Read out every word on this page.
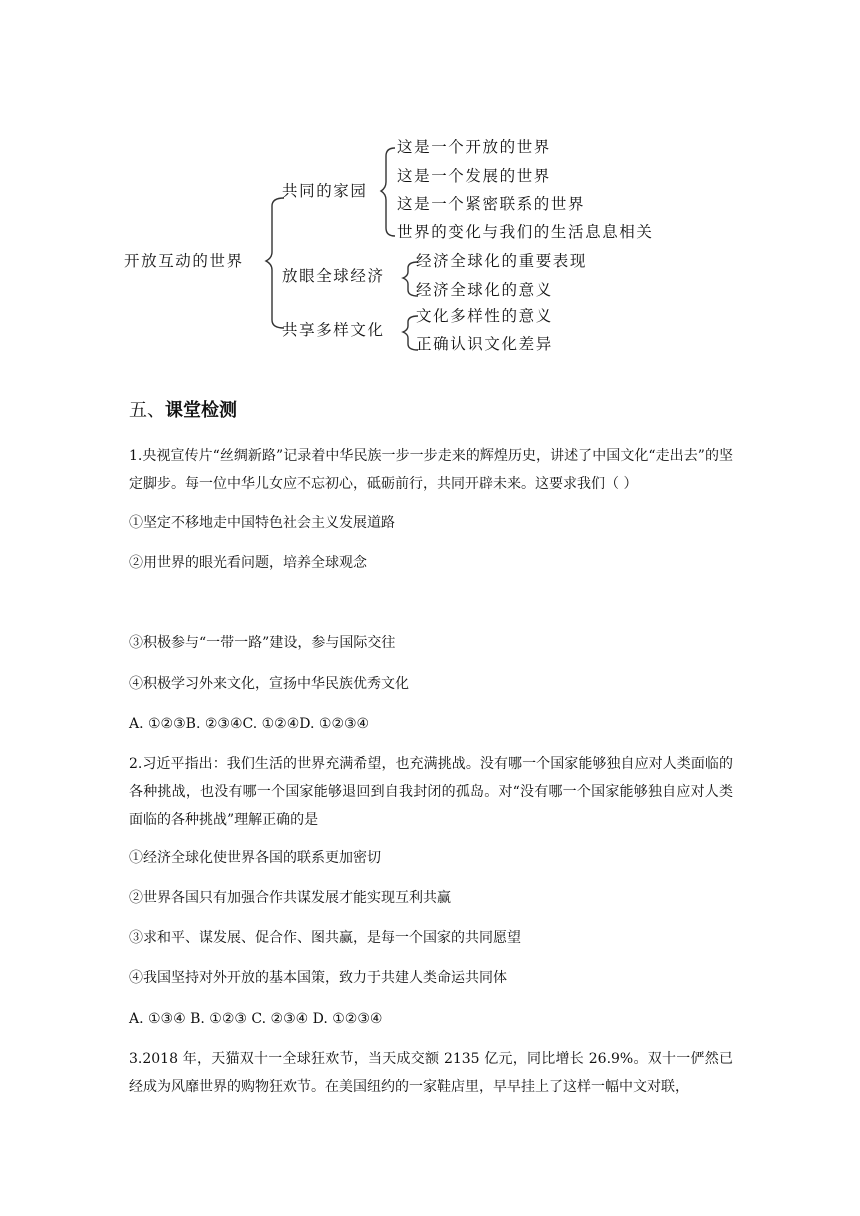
开放互动的世界
共同的家园
这是一个开放的世界
这是一个发展的世界
这是一个紧密联系的世界
世界的变化与我们的生活息息相关
放眼全球经济
经济全球化的重要表现
经济全球化的意义
共享多样文化
文化多样性的意义
正确认识文化差异
五、课堂检测
1.央视宣传片“丝绸新路”记录着中华民族一步一步走来的辉煌历史，讲述了中国文化“走出去”的坚定脚步。每一位中华儿女应不忘初心，砥砺前行，共同开辟未来。这要求我们（ ）
①坚定不移地走中国特色社会主义发展道路
②用世界的眼光看问题，培养全球观念
③积极参与“一带一路”建设，参与国际交往
④积极学习外来文化，宣扬中华民族优秀文化
A. ①②③B. ②③④C. ①②④D. ①②③④
2.习近平指出：我们生活的世界充满希望，也充满挑战。没有哪一个国家能够独自应对人类面临的各种挑战，也没有哪一个国家能够退回到自我封闭的孤岛。对“没有哪一个国家能够独自应对人类面临的各种挑战”理解正确的是
①经济全球化使世界各国的联系更加密切
②世界各国只有加强合作共谋发展才能实现互利共赢
③求和平、谋发展、促合作、图共赢，是每一个国家的共同愿望
④我国坚持对外开放的基本国策，致力于共建人类命运共同体
A. ①③④ B. ①②③ C. ②③④ D. ①②③④
3.2018 年，天猫双十一全球狂欢节，当天成交额 2135 亿元，同比增长 26.9%。双十一俨然已经成为风靡世界的购物狂欢节。在美国纽约的一家鞋店里，早早挂上了这样一幅中文对联，
